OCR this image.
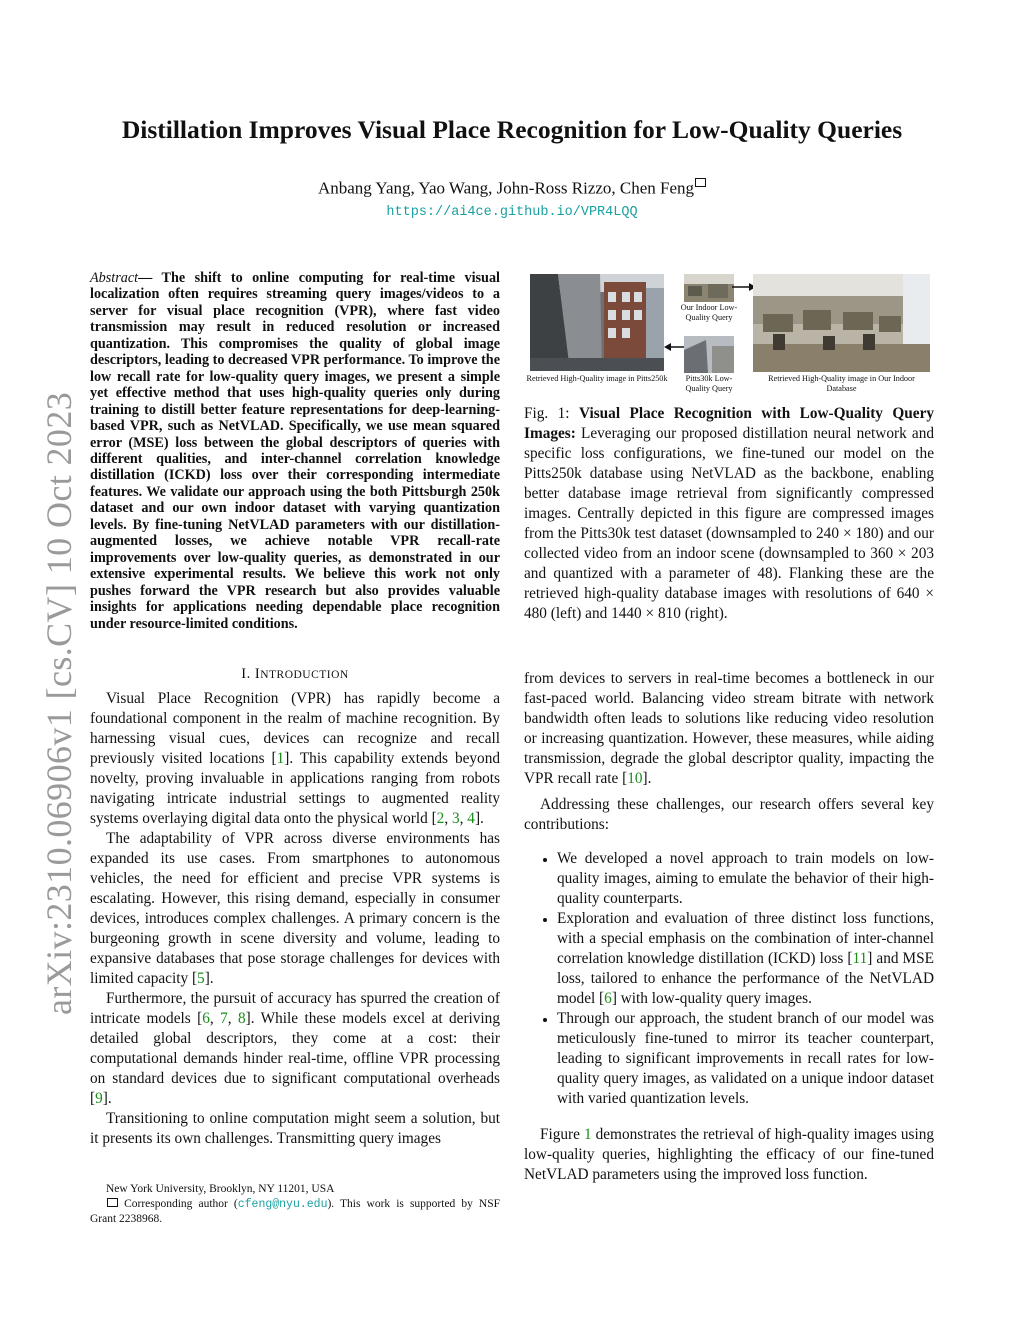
arXiv:2310.06906v1 [cs.CV] 10 Oct 2023
Distillation Improves Visual Place Recognition for Low-Quality Queries
Anbang Yang, Yao Wang, John-Ross Rizzo, Chen Feng
https://ai4ce.github.io/VPR4LQQ
Abstract— The shift to online computing for real-time visual localization often requires streaming query images/videos to a server for visual place recognition (VPR), where fast video transmission may result in reduced resolution or increased quantization. This compromises the quality of global image descriptors, leading to decreased VPR performance. To improve the low recall rate for low-quality query images, we present a simple yet effective method that uses high-quality queries only during training to distill better feature representations for deep-learning-based VPR, such as NetVLAD. Specifically, we use mean squared error (MSE) loss between the global descriptors of queries with different qualities, and inter-channel correlation knowledge distillation (ICKD) loss over their corresponding intermediate features. We validate our approach using the both Pittsburgh 250k dataset and our own indoor dataset with varying quantization levels. By fine-tuning NetVLAD parameters with our distillation-augmented losses, we achieve notable VPR recall-rate improvements over low-quality queries, as demonstrated in our extensive experimental results. We believe this work not only pushes forward the VPR research but also provides valuable insights for applications needing dependable place recognition under resource-limited conditions.
I. INTRODUCTION

Visual Place Recognition (VPR) has rapidly become a foundational component in the realm of machine recognition. By harnessing visual cues, devices can recognize and recall previously visited locations [1]. This capability extends beyond novelty, proving invaluable in applications ranging from robots navigating intricate industrial settings to augmented reality systems overlaying digital data onto the physical world [2, 3, 4].

The adaptability of VPR across diverse environments has expanded its use cases. From smartphones to autonomous vehicles, the need for efficient and precise VPR systems is escalating. However, this rising demand, especially in consumer devices, introduces complex challenges. A primary concern is the burgeoning growth in scene diversity and volume, leading to expansive databases that pose storage challenges for devices with limited capacity [5].

Furthermore, the pursuit of accuracy has spurred the creation of intricate models [6, 7, 8]. While these models excel at deriving detailed global descriptors, they come at a cost: their computational demands hinder real-time, offline VPR processing on standard devices due to significant computational overheads [9].

Transitioning to online computation might seem a solution, but it presents its own challenges. Transmitting query images

New York University, Brooklyn, NY 11201, USA

Corresponding author (cfeng@nyu.edu). This work is supported by NSF Grant 2238968.

Retrieved High-Quality image in Pitts250k
Our Indoor Low-Quality Query
Pitts30k Low-Quality Query
Retrieved High-Quality image in Our Indoor Database
Fig. 1: Visual Place Recognition with Low-Quality Query Images: Leveraging our proposed distillation neural network and specific loss configurations, we fine-tuned our model on the Pitts250k database using NetVLAD as the backbone, enabling better database image retrieval from significantly compressed images. Centrally depicted in this figure are compressed images from the Pitts30k test dataset (downsampled to 240 × 180) and our collected video from an indoor scene (downsampled to 360 × 203 and quantized with a parameter of 48). Flanking these are the retrieved high-quality database images with resolutions of 640 × 480 (left) and 1440 × 810 (right).

from devices to servers in real-time becomes a bottleneck in our fast-paced world. Balancing video stream bitrate with network bandwidth often leads to solutions like reducing video resolution or increasing quantization. However, these measures, while aiding transmission, degrade the global descriptor quality, impacting the VPR recall rate [10].

Addressing these challenges, our research offers several key contributions:

• We developed a novel approach to train models on low-quality images, aiming to emulate the behavior of their high-quality counterparts.
• Exploration and evaluation of three distinct loss functions, with a special emphasis on the combination of inter-channel correlation knowledge distillation (ICKD) loss [11] and MSE loss, tailored to enhance the performance of the NetVLAD model [6] with low-quality query images.
• Through our approach, the student branch of our model was meticulously fine-tuned to mirror its teacher counterpart, leading to significant improvements in recall rates for low-quality query images, as validated on a unique indoor dataset with varied quantization levels.

Figure 1 demonstrates the retrieval of high-quality images using low-quality queries, highlighting the efficacy of our fine-tuned NetVLAD parameters using the improved loss function.
